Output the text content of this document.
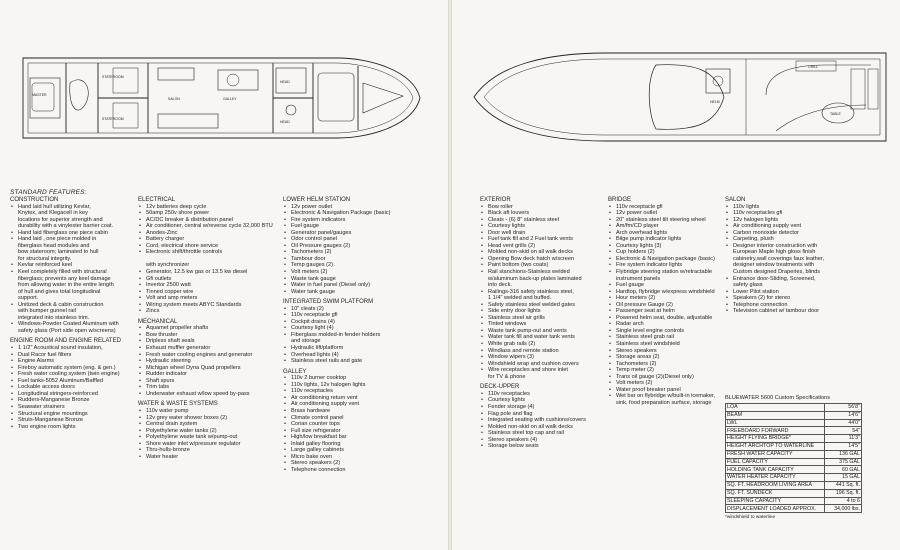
MASTER
STATEROOM
STATEROOM
SALON	GALLEY
HEAD
HEAD
GRILL
TABLE
HELM
STANDARD FEATURES:
CONSTRUCTION
• Hand laid hull utilizing Kevlar,
Knytex, and Klegacell in key
locations for superior strength and
durability with a vinylester barrier coat.
• Hand laid fiberglass one piece cabin
• Hand laid , one piece molded in
fiberglass head modules and
bow stateroom; laminated to hull
for structural integrity.
• Kevlar reinforced keel
• Keel completely filled with structural
fiberglass; prevents any keel damage
from allowing water in the entire length
of hull and gives total longitudinal
support.
• Unitized deck & cabin construction
with bumper gunnel rail
integrated into stainless trim.
• Windows-Powder Coated Aluminum with
safety glass (Port side open w/screens)
ENGINE ROOM AND ENGINE RELATED
• 1 1/2" Acoustical sound insulation,
• Dual Racor fuel filters
• Engine Alarms
• Fireboy automatic system (eng. & gen.)
• Fresh water cooling system (twin engine)
• Fuel tanks-5052 Aluminum/Baffled
• Lockable access doors
• Longitudinal stringers-reinforced
• Rudders-Manganese Bronze
• Seawater strainers
• Structural engine mountings
• Struts-Manganese Bronze
• Two engine room lights
ELECTRICAL
• 12v batteries deep cycle
• 50amp 250v shore power
• AC/DC breaker & distribution panel
• Air conditioner, central w/reverse cycle 32,000 BTU
• Anodes-Zinc
• Battery charger
• Cord, electrical shore service
• Electronic shift/throttle controls

with synchronizer
• Generator, 12.5 kw gas or 13.5 kw diesel
• Gfi outlets
• Invertor 2500 watt
• Tinned copper wire
• Volt and amp meters
• Wiring system meets ABYC Standards
• Zincs
MECHANICAL
• Aquamet propeller shafts
• Bow thruster
• Dripless shaft seals
• Exhaust muffler generator
• Fresh water cooling engines and generator
• Hydraulic steering
• Michigan wheel Dyna Quad propellers
• Rudder indicator
• Shaft spurs
• Trim tabs
• Underwater exhaust w/low speed by-pass
WATER & WASTE SYSTEMS
• 110v water pump
• 12v grey water shower boxes (2)
• Central drain system
• Polyethylene water tanks (2)
• Polyethylene waste tank w/pump-out
• Shore water inlet w/pressure regulator
• Thru-hulls-bronze
• Water heater
LOWER HELM STATION
• 12v power outlet
• Electronic & Navigation Package (basic)
• Fire system indicators
• Fuel gauge
• Generator panel/gauges
• Odor control panel
• Oil Pressure gauges (2)
• Tachometers (2)
• Tambour door
• Temp gauges (2)
• Volt meters (2)
• Waste tank gauge
• Water in fuel panel (Diesel only)
• Water tank gauge
INTEGRATED SWIM PLATFORM
• 10" cleats (2)
• 110v receptacle gfi
• Cockpit drains (4)
• Courtesy light (4)
• Fiberglass molded-in fender holders
and storage
• Hydraulic lift/platform
• Overhead lights (4)
• Stainless steel rails and gate
GALLEY
• 110v 2 burner cooktop
• 110v lights, 12v halogen lights
• 110v receptacles
• Air conditioning return vent
• Air conditioning supply vent
• Brass hardware
• Climate control panel
• Corian counter tops
• Full size refrigerator
• High/low breakfast bar
• Inlaid galley flooring
• Large galley cabinets
• Micro bake oven
• Stereo speakers (2)
• Telephone connection
EXTERIOR
• Bow roller
• Black aft louvers
• Cleats - (6) 8" stainless steel
• Courtesy lights
• Door well drain
• Fuel tank fill and 2 Fuel tank vents
• Head vent grills (2)
• Molded non-skid on all walk decks
• Opening Bow deck hatch w/screen
• Paint bottom (two coats)
• Rail stanchions-Stainless welded
w/aluminum back-up plates laminated
into deck.
• Railings-316 safety stainless steel,
1 1/4" welded and buffed.
• Safety stainless steel welded gates
• Side entry door lights
• Stainless steel air grills
• Tinted windows
• Waste tank pump-out and vents
• Water tank fill and water tank vents
• White grab rails (2)
• Windlass and remote station
• Window wipers (3)
• Windshield wrap and cushion covers
• Wire receptacles and shore inlet
for TV & phone
DECK-UPPER
• 110v receptacles
• Courtesy lights
• Fender storage (4)
• Flag pole and flag
• Integrated seating with cushions/covers
• Molded non-skid on all walk decks
• Stainless steel top cap and rail
• Stereo speakers (4)
• Storage below seats
BRIDGE
• 110v receptacle gfi
• 12v power outlet
• 20" stainless steel tilt steering wheel
• Am/fm/CD player
• Arch overhead lights
• Bilge pump indicator lights
• Courtesy lights (3)
• Cup holders (2)
• Electronic & Navigation package (basic)
• Fire system indicator lights
• Flybridge steering station w/retractable
instrument panels
• Fuel gauge
• Hardtop, flybridge w/express windshield
• Hour meters (2)
• Oil pressure Gauge (2)
• Passenger seat at helm
• Powered helm seat, double, adjustable
• Radar arch
• Single level engine controls
• Stainless steel grab rail
• Stainless steel windshield
• Stereo speakers
• Storage areas (2)
• Tachometers (2)
• Temp meter (2)
• Trans oil gauge (2)(Diesel only)
• Volt meters (2)
• Water proof breaker panel
• Wet bar on flybridge w/built-in icemaker,
sink, food preparation surface, storage
SALON
• 110v lights
• 110v receptacles gfi
• 12v halogen lights
• Air conditioning supply vent
• Carbon monoxide detector
• Carpeting, plush
• Designer interior construction with
European Maple high gloss finish
cabinetry,wall coverings faux leather,
designer window treatments with
Custom designed Draperies, blinds
• Entrance door-Sliding, Screened,
safety glass
• Lower Pilot station
• Speakers (2) for stereo
• Telephone connection
• Television cabinet w/ tambour door
BLUEWATER 5600 Custom Specifications
LOA	56'8"
BEAM	14'6"
LWL	44'0"
FREEBOARD FORWARD	54"
HEIGHT FLYING BRIDGE*	11'3"
HEIGHT ARCHTOP TO WATERLINE	14'5"
FRESH WATER CAPACITY	136 GAL
FUEL CAPACITY	375 GAL
HOLDING TANK CAPACITY	60 GAL
WATER HEATER CAPACITY	15 GAL
SQ. FT. HEADROOM LIVING AREA	441 Sq. ft.
SQ. FT. SUNDECK	196 Sq. ft.
SLEEPING CAPACITY	4 to 6
DISPLACEMENT LOADED APPROX.	34,000 lbs.
*windshield to waterline
